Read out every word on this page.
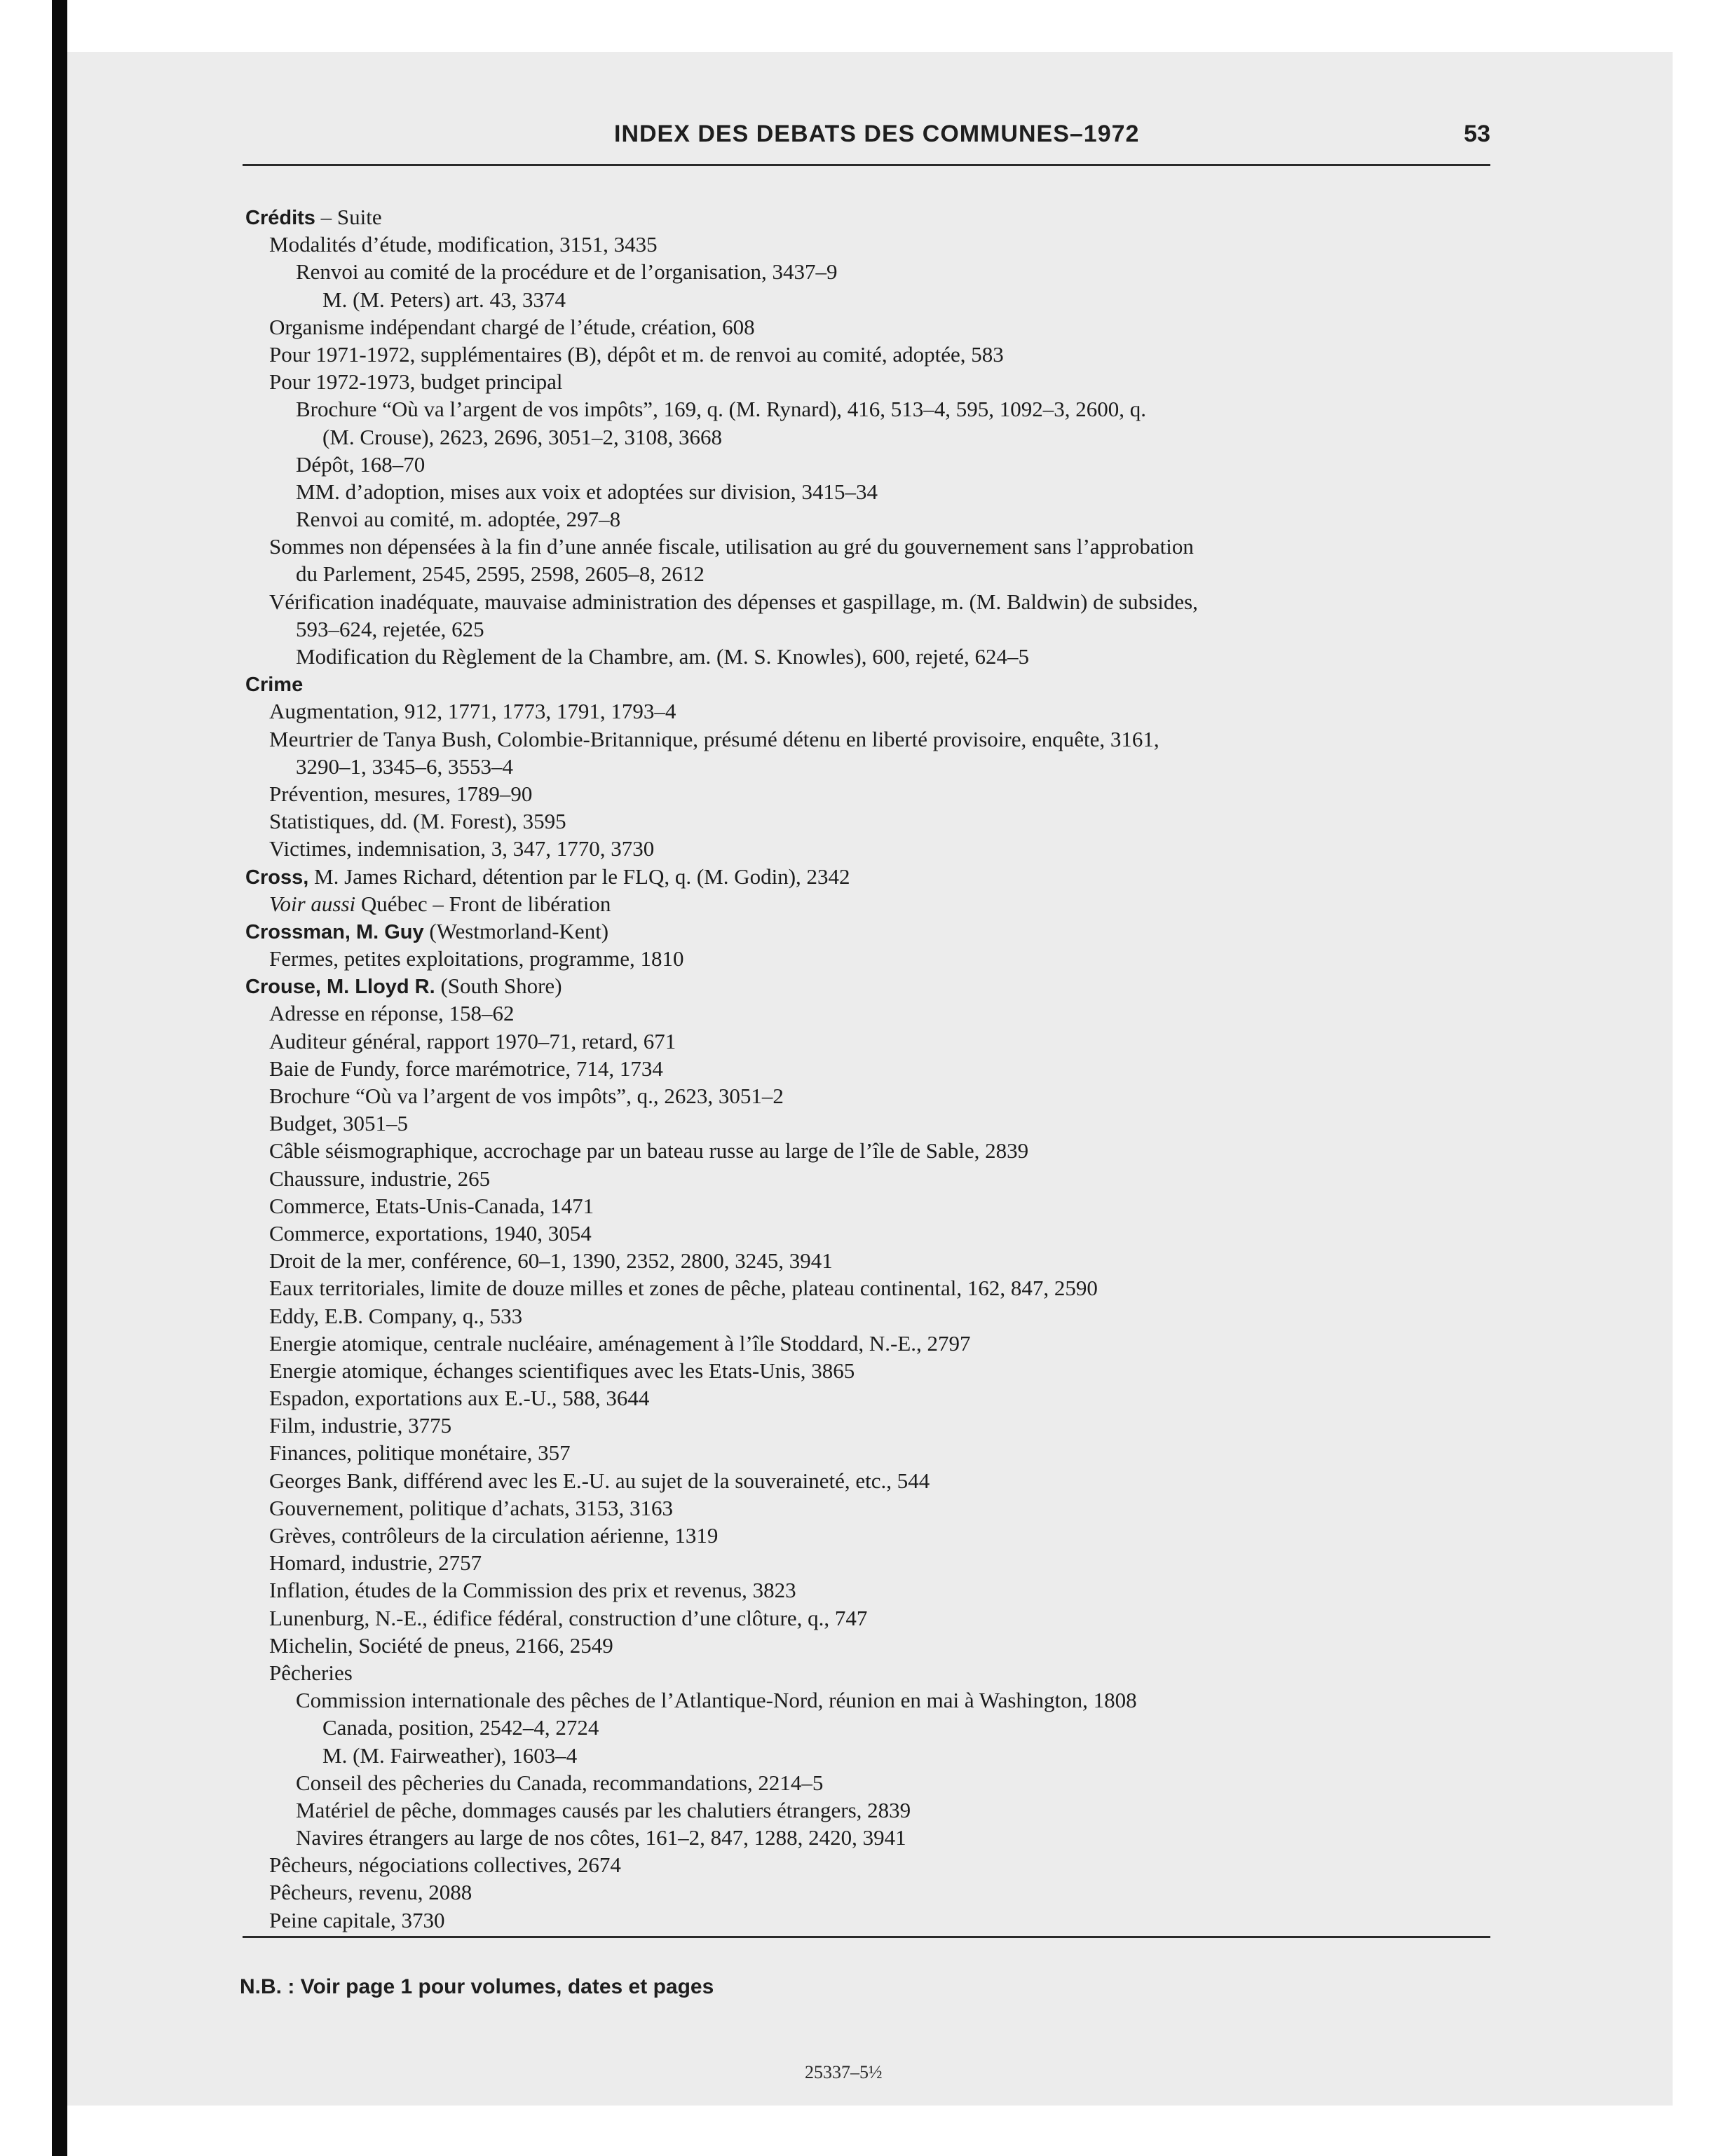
INDEX DES DEBATS DES COMMUNES–1972	53
Crédits – Suite
Modalités d’étude, modification, 3151, 3435
Renvoi au comité de la procédure et de l’organisation, 3437–9
M. (M. Peters) art. 43, 3374
Organisme indépendant chargé de l’étude, création, 608
Pour 1971-1972, supplémentaires (B), dépôt et m. de renvoi au comité, adoptée, 583
Pour 1972-1973, budget principal
Brochure “Où va l’argent de vos impôts”, 169, q. (M. Rynard), 416, 513–4, 595, 1092–3, 2600, q.
(M. Crouse), 2623, 2696, 3051–2, 3108, 3668
Dépôt, 168–70
MM. d’adoption, mises aux voix et adoptées sur division, 3415–34
Renvoi au comité, m. adoptée, 297–8
Sommes non dépensées à la fin d’une année fiscale, utilisation au gré du gouvernement sans l’approbation
du Parlement, 2545, 2595, 2598, 2605–8, 2612
Vérification inadéquate, mauvaise administration des dépenses et gaspillage, m. (M. Baldwin) de subsides,
593–624, rejetée, 625
Modification du Règlement de la Chambre, am. (M. S. Knowles), 600, rejeté, 624–5
Crime
Augmentation, 912, 1771, 1773, 1791, 1793–4
Meurtrier de Tanya Bush, Colombie-Britannique, présumé détenu en liberté provisoire, enquête, 3161,
3290–1, 3345–6, 3553–4
Prévention, mesures, 1789–90
Statistiques, dd. (M. Forest), 3595
Victimes, indemnisation, 3, 347, 1770, 3730
Cross, M. James Richard, détention par le FLQ, q. (M. Godin), 2342
Voir aussi Québec – Front de libération
Crossman, M. Guy (Westmorland-Kent)
Fermes, petites exploitations, programme, 1810
Crouse, M. Lloyd R. (South Shore)
Adresse en réponse, 158–62
Auditeur général, rapport 1970–71, retard, 671
Baie de Fundy, force marémotrice, 714, 1734
Brochure “Où va l’argent de vos impôts”, q., 2623, 3051–2
Budget, 3051–5
Câble séismographique, accrochage par un bateau russe au large de l’île de Sable, 2839
Chaussure, industrie, 265
Commerce, Etats-Unis-Canada, 1471
Commerce, exportations, 1940, 3054
Droit de la mer, conférence, 60–1, 1390, 2352, 2800, 3245, 3941
Eaux territoriales, limite de douze milles et zones de pêche, plateau continental, 162, 847, 2590
Eddy, E.B. Company, q., 533
Energie atomique, centrale nucléaire, aménagement à l’île Stoddard, N.-E., 2797
Energie atomique, échanges scientifiques avec les Etats-Unis, 3865
Espadon, exportations aux E.-U., 588, 3644
Film, industrie, 3775
Finances, politique monétaire, 357
Georges Bank, différend avec les E.-U. au sujet de la souveraineté, etc., 544
Gouvernement, politique d’achats, 3153, 3163
Grèves, contrôleurs de la circulation aérienne, 1319
Homard, industrie, 2757
Inflation, études de la Commission des prix et revenus, 3823
Lunenburg, N.-E., édifice fédéral, construction d’une clôture, q., 747
Michelin, Société de pneus, 2166, 2549
Pêcheries
Commission internationale des pêches de l’Atlantique-Nord, réunion en mai à Washington, 1808
Canada, position, 2542–4, 2724
M. (M. Fairweather), 1603–4
Conseil des pêcheries du Canada, recommandations, 2214–5
Matériel de pêche, dommages causés par les chalutiers étrangers, 2839
Navires étrangers au large de nos côtes, 161–2, 847, 1288, 2420, 3941
Pêcheurs, négociations collectives, 2674
Pêcheurs, revenu, 2088
Peine capitale, 3730
N.B. : Voir page 1 pour volumes, dates et pages
25337–5½
